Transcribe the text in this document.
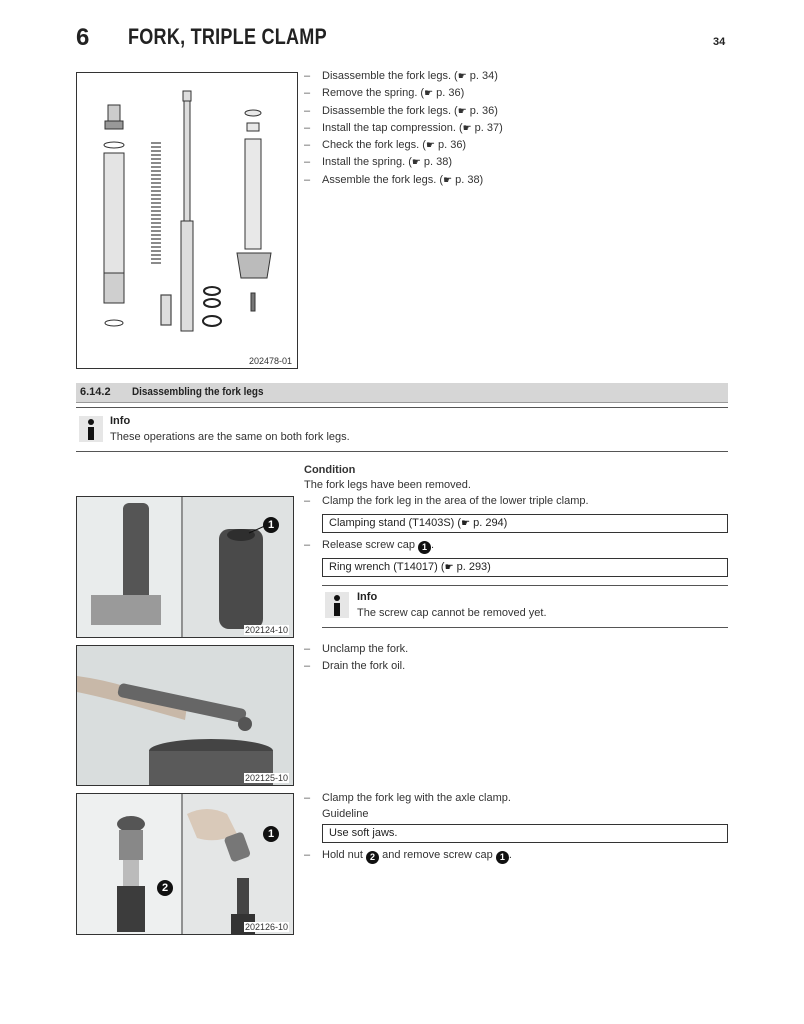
6 FORK, TRIPLE CLAMP	34
202478-01
– Disassemble the fork legs. (☛ p. 34)
– Remove the spring. (☛ p. 36)
– Disassemble the fork legs. (☛ p. 36)
– Install the tap compression. (☛ p. 37)
– Check the fork legs. (☛ p. 36)
– Install the spring. (☛ p. 38)
– Assemble the fork legs. (☛ p. 38)
6.14.2 Disassembling the fork legs
Info
These operations are the same on both fork legs.
1
202124-10
Condition
The fork legs have been removed.
– Clamp the fork leg in the area of the lower triple clamp.
Clamping stand (T1403S) (☛ p. 294)
– Release screw cap 1 .
Ring wrench (T14017) (☛ p. 293)
Info
The screw cap cannot be removed yet.
202125-10
– Unclamp the fork.
– Drain the fork oil.
1
2
202126-10
– Clamp the fork leg with the axle clamp.
Guideline
Use soft jaws.
– Hold nut 2 and remove screw cap 1 .
